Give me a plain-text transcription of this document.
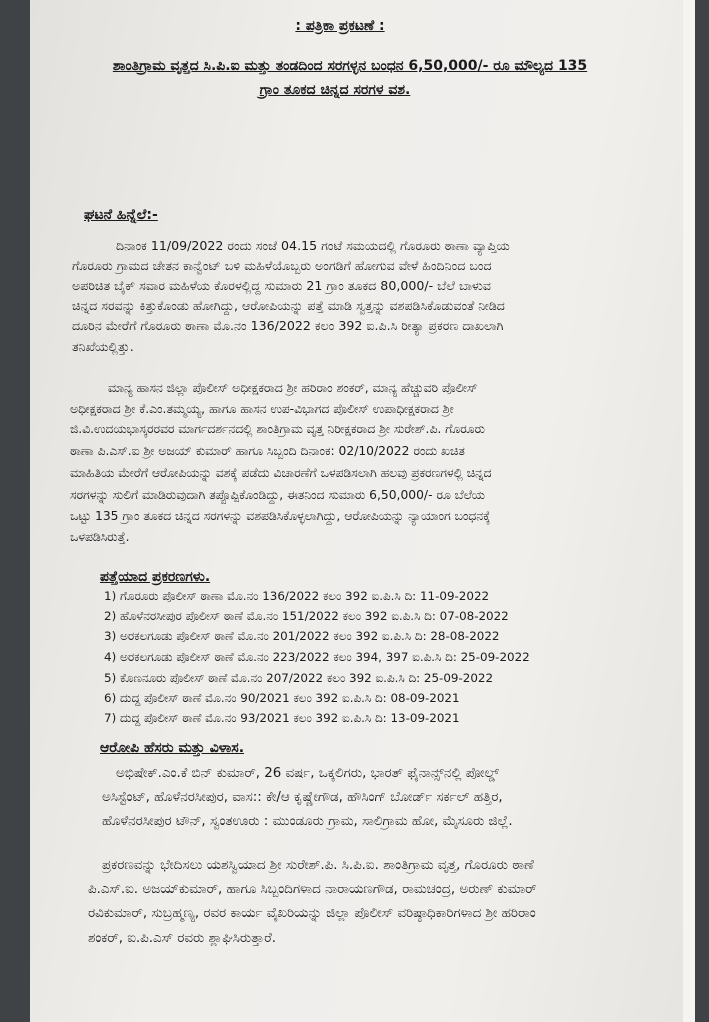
: ಪತ್ರಿಕಾ ಪ್ರಕಟಣೆ :
ಶಾಂತಿಗ್ರಾಮ ವೃತ್ತದ ಸಿ.ಪಿ.ಐ ಮತ್ತು ತಂಡದಿಂದ ಸರಗಳ್ಳನ ಬಂಧನ 6,50,000/- ರೂ ಮೌಲ್ಯದ 135
ಗ್ರಾಂ ತೂಕದ ಚಿನ್ನದ ಸರಗಳ ವಶ.
ಘಟನೆ ಹಿನ್ನೆಲೆ:-
ದಿನಾಂಕ 11/09/2022 ರಂದು ಸಂಜೆ 04.15 ಗಂಟೆ ಸಮಯದಲ್ಲಿ ಗೊರೂರು ಠಾಣಾ ವ್ಯಾಪ್ತಿಯ
ಗೊರೂರು ಗ್ರಾಮದ ಚೇತನ ಕಾನ್ವೆಂಟ್ ಬಳಿ ಮಹಿಳೆಯೊಬ್ಬರು ಅಂಗಡಿಗೆ ಹೋಗುವ ವೇಳೆ ಹಿಂದಿನಿಂದ ಬಂದ
ಅಪರಿಚಿತ ಬೈಕ್ ಸವಾರ ಮಹಿಳೆಯ ಕೊರಳಲ್ಲಿದ್ದ ಸುಮಾರು 21 ಗ್ರಾಂ ತೂಕದ 80,000/- ಬೆಲೆ ಬಾಳುವ
ಚಿನ್ನದ ಸರವನ್ನು ಕಿತ್ತುಕೊಂಡು ಹೋಗಿದ್ದು, ಆರೋಪಿಯನ್ನು ಪತ್ತೆ ಮಾಡಿ ಸ್ವತ್ತನ್ನು ವಶಪಡಿಸಿಕೊಡುವಂತೆ ನೀಡಿದ
ದೂರಿನ ಮೇರೆಗೆ ಗೊರೂರು ಠಾಣಾ ಮೊ.ನಂ 136/2022 ಕಲಂ 392 ಐ.ಪಿ.ಸಿ ರೀತ್ಯಾ ಪ್ರಕರಣ ದಾಖಲಾಗಿ
ತನಿಖೆಯಲ್ಲಿತ್ತು.
ಮಾನ್ಯ ಹಾಸನ ಜಿಲ್ಲಾ ಪೊಲೀಸ್ ಅಧೀಕ್ಷಕರಾದ ಶ್ರೀ ಹರಿರಾಂ ಶಂಕರ್, ಮಾನ್ಯ ಹೆಚ್ಚುವರಿ ಪೊಲೀಸ್
ಅಧೀಕ್ಷಕರಾದ ಶ್ರೀ ಕೆ.ಎಂ.ತಮ್ಮಯ್ಯ, ಹಾಗೂ ಹಾಸನ ಉಪ-ವಿಭಾಗದ ಪೊಲೀಸ್ ಉಪಾಧೀಕ್ಷಕರಾದ ಶ್ರೀ
ಜಿ.ವಿ.ಉದಯಭಾಸ್ಕರರವರ ಮಾರ್ಗದರ್ಶನದಲ್ಲಿ ಶಾಂತಿಗ್ರಾಮ ವೃತ್ತ ನಿರೀಕ್ಷಕರಾದ ಶ್ರೀ ಸುರೇಶ್.ಪಿ. ಗೊರೂರು
ಠಾಣಾ ಪಿ.ಎಸ್.ಐ ಶ್ರೀ ಅಜಯ್ ಕುಮಾರ್ ಹಾಗೂ ಸಿಬ್ಬಂದಿ ದಿನಾಂಕ: 02/10/2022 ರಂದು ಖಚಿತ
ಮಾಹಿತಿಯ ಮೇರೆಗೆ ಆರೋಪಿಯನ್ನು ವಶಕ್ಕೆ ಪಡೆದು ವಿಚಾರಣೆಗೆ ಒಳಪಡಿಸಲಾಗಿ ಹಲವು ಪ್ರಕರಣಗಳಲ್ಲಿ ಚಿನ್ನದ
ಸರಗಳನ್ನು ಸುಲಿಗೆ ಮಾಡಿರುವುದಾಗಿ ತಪ್ಪೊಪ್ಪಿಕೊಂಡಿದ್ದು, ಈತನಿಂದ ಸುಮಾರು 6,50,000/- ರೂ ಬೆಲೆಯ
ಒಟ್ಟು 135 ಗ್ರಾಂ ತೂಕದ ಚಿನ್ನದ ಸರಗಳನ್ನು ವಶಪಡಿಸಿಕೊಳ್ಳಲಾಗಿದ್ದು, ಆರೋಪಿಯನ್ನು ನ್ಯಾಯಾಂಗ ಬಂಧನಕ್ಕೆ
ಒಳಪಡಿಸಿರುತ್ತೆ.
ಪತ್ತೆಯಾದ ಪ್ರಕರಣಗಳು.
1) ಗೊರೂರು ಪೊಲೀಸ್ ಠಾಣಾ ಮೊ.ನಂ 136/2022 ಕಲಂ 392 ಐ.ಪಿ.ಸಿ ದಿ: 11-09-2022
2) ಹೊಳೆನರಸೀಪುರ ಪೊಲೀಸ್ ಠಾಣೆ ಮೊ.ನಂ 151/2022 ಕಲಂ 392 ಐ.ಪಿ.ಸಿ ದಿ: 07-08-2022
3) ಅರಕಲಗೂಡು ಪೊಲೀಸ್ ಠಾಣೆ ಮೊ.ನಂ 201/2022 ಕಲಂ 392 ಐ.ಪಿ.ಸಿ ದಿ: 28-08-2022
4) ಅರಕಲಗೂಡು ಪೊಲೀಸ್ ಠಾಣೆ ಮೊ.ನಂ 223/2022 ಕಲಂ 394, 397 ಐ.ಪಿ.ಸಿ ದಿ: 25-09-2022
5) ಕೊಣನೂರು ಪೊಲೀಸ್ ಠಾಣೆ ಮೊ.ನಂ 207/2022 ಕಲಂ 392 ಐ.ಪಿ.ಸಿ ದಿ: 25-09-2022
6) ದುದ್ದ ಪೊಲೀಸ್ ಠಾಣೆ ಮೊ.ನಂ 90/2021 ಕಲಂ 392 ಐ.ಪಿ.ಸಿ ದಿ: 08-09-2021
7) ದುದ್ದ ಪೊಲೀಸ್ ಠಾಣೆ ಮೊ.ನಂ 93/2021 ಕಲಂ 392 ಐ.ಪಿ.ಸಿ ದಿ: 13-09-2021
ಆರೋಪಿ ಹೆಸರು ಮತ್ತು ವಿಳಾಸ.
ಅಭಿಷೇಕ್.ಎಂ.ಕೆ ಬಿನ್ ಕುಮಾರ್, 26 ವರ್ಷ, ಒಕ್ಕಲಿಗರು, ಭಾರತ್ ಫೈನಾನ್ಸ್‌ನಲ್ಲಿ ಪೋಲ್ಡ್
ಅಸಿಸ್ಟೆಂಟ್, ಹೊಳೆನರಸೀಪುರ, ವಾಸ:: ಕೇ/ಆ ಕೃಷ್ಣೇಗೌಡ, ಹೌಸಿಂಗ್ ಬೋರ್ಡ್ ಸರ್ಕಲ್ ಹತ್ತಿರ,
ಹೊಳೆನರಸೀಪುರ ಟೌನ್, ಸ್ವಂತಊರು : ಮುಂಡೂರು ಗ್ರಾಮ, ಸಾಲಿಗ್ರಾಮ ಹೋ, ಮೈಸೂರು ಜಿಲ್ಲೆ.
ಪ್ರಕರಣವನ್ನು ಭೇದಿಸಲು ಯಶಸ್ವಿಯಾದ ಶ್ರೀ ಸುರೇಶ್.ಪಿ. ಸಿ.ಪಿ.ಐ. ಶಾಂತಿಗ್ರಾಮ ವೃತ್ತ, ಗೊರೂರು ಠಾಣೆ
ಪಿ.ಎಸ್.ಐ. ಅಜಯ್‌ಕುಮಾರ್, ಹಾಗೂ ಸಿಬ್ಬಂದಿಗಳಾದ ನಾರಾಯಣಗೌಡ, ರಾಮಚಂದ್ರ, ಅರುಣ್ ಕುಮಾರ್
ರವಿಕುಮಾರ್, ಸುಬ್ರಹ್ಮಣ್ಯ, ರವರ ಕಾರ್ಯ ವೈಖರಿಯನ್ನು ಜಿಲ್ಲಾ ಪೊಲೀಸ್ ವರಿಷ್ಠಾಧಿಕಾರಿಗಳಾದ ಶ್ರೀ ಹರಿರಾಂ
ಶಂಕರ್, ಐ.ಪಿ.ಎಸ್ ರವರು ಶ್ಲಾಘಿಸಿರುತ್ತಾರೆ.
